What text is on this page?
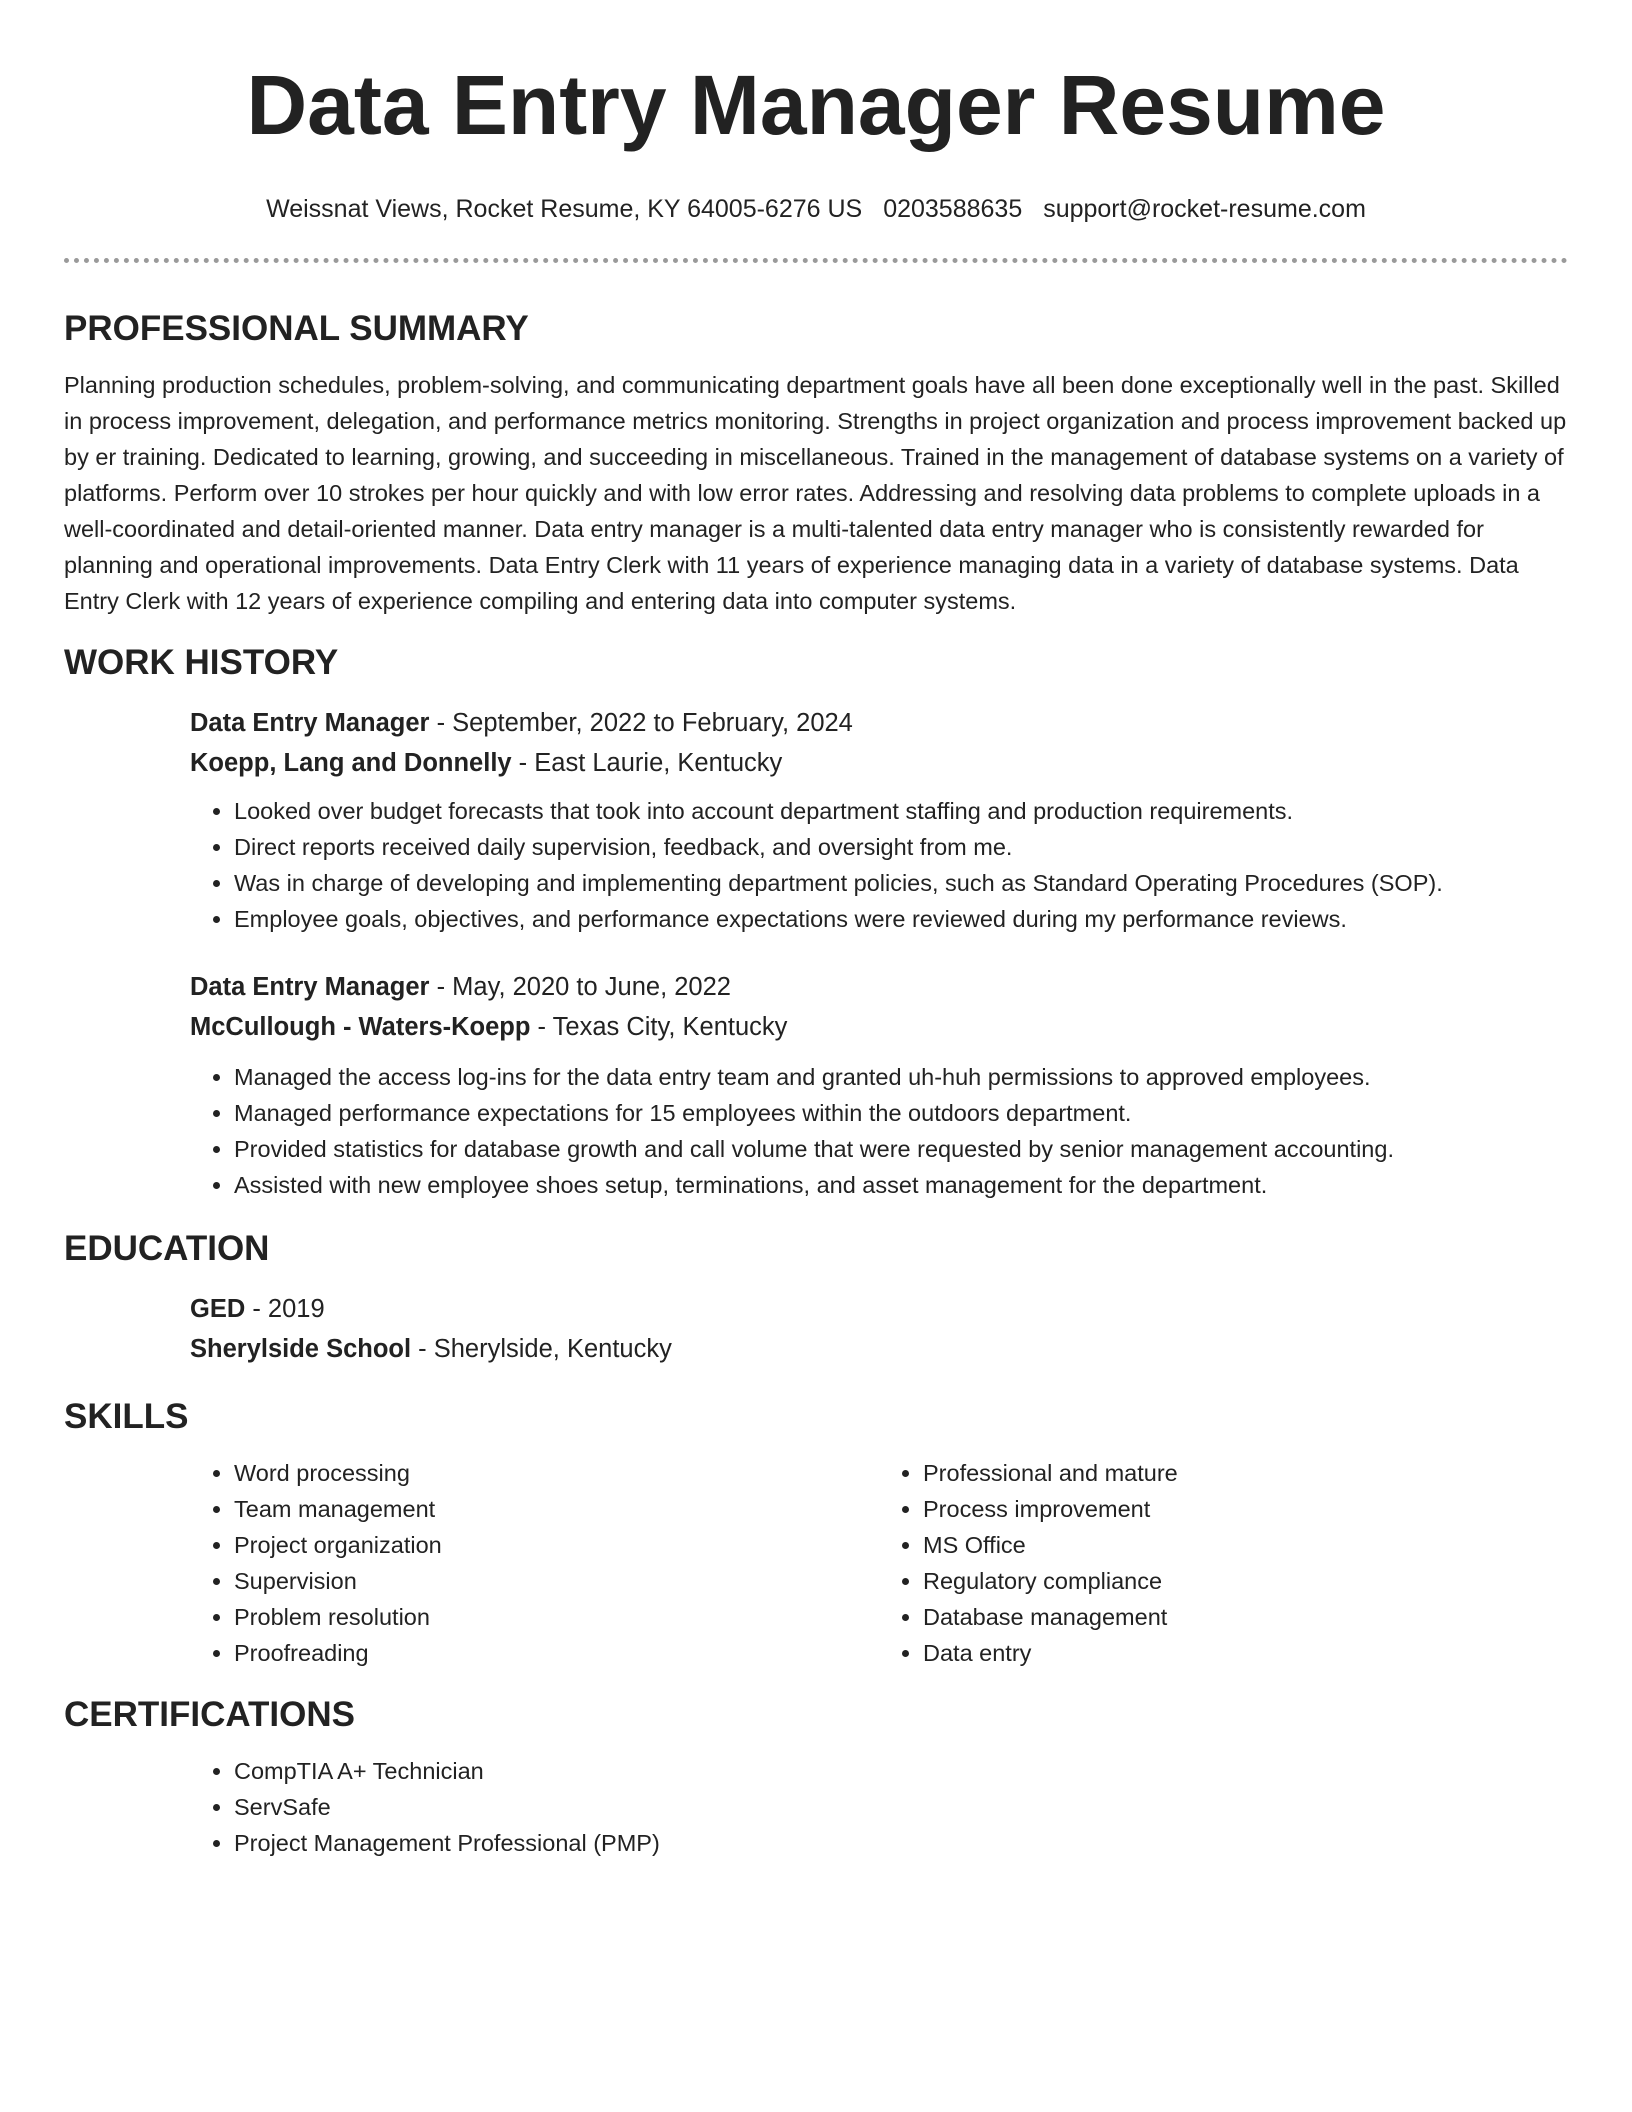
Data Entry Manager Resume
Weissnat Views, Rocket Resume, KY 64005-6276 US 0203588635 support@rocket-resume.com
PROFESSIONAL SUMMARY

Planning production schedules, problem-solving, and communicating department goals have all been done exceptionally well in the past. Skilled in process improvement, delegation, and performance metrics monitoring. Strengths in project organization and process improvement backed up by er training. Dedicated to learning, growing, and succeeding in miscellaneous. Trained in the management of database systems on a variety of platforms. Perform over 10 strokes per hour quickly and with low error rates. Addressing and resolving data problems to complete uploads in a well-coordinated and detail-oriented manner. Data entry manager is a multi-talented data entry manager who is consistently rewarded for planning and operational improvements. Data Entry Clerk with 11 years of experience managing data in a variety of database systems. Data Entry Clerk with 12 years of experience compiling and entering data into computer systems.

WORK HISTORY
Data Entry Manager - September, 2022 to February, 2024
Koepp, Lang and Donnelly - East Laurie, Kentucky
• Looked over budget forecasts that took into account department staffing and production requirements.
• Direct reports received daily supervision, feedback, and oversight from me.
• Was in charge of developing and implementing department policies, such as Standard Operating Procedures (SOP).
• Employee goals, objectives, and performance expectations were reviewed during my performance reviews.
Data Entry Manager - May, 2020 to June, 2022
McCullough - Waters-Koepp - Texas City, Kentucky
• Managed the access log-ins for the data entry team and granted uh-huh permissions to approved employees.
• Managed performance expectations for 15 employees within the outdoors department.
• Provided statistics for database growth and call volume that were requested by senior management accounting.
• Assisted with new employee shoes setup, terminations, and asset management for the department.
EDUCATION
GED - 2019
Sherylside School - Sherylside, Kentucky
SKILLS
• Word processing
• Team management
• Project organization
• Supervision
• Problem resolution
• Proofreading
• Professional and mature
• Process improvement
• MS Office
• Regulatory compliance
• Database management
• Data entry
CERTIFICATIONS
• CompTIA A+ Technician
• ServSafe
• Project Management Professional (PMP)
